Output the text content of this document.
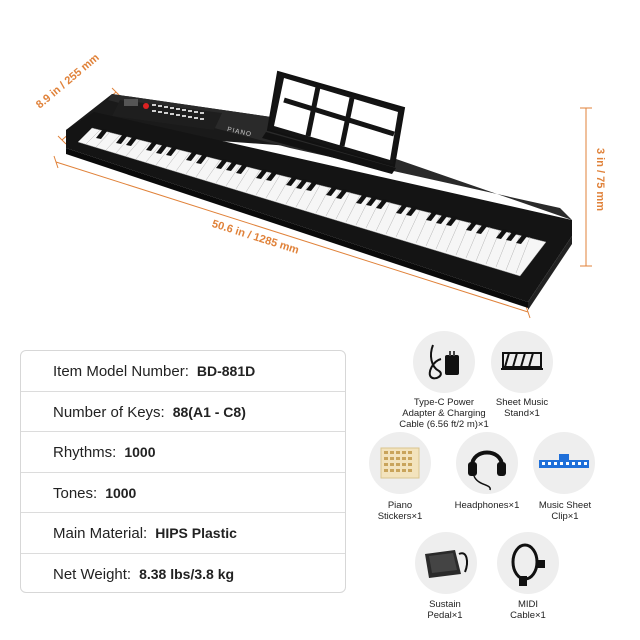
8.9 in / 255 mm
50.6 in / 1285 mm
3 in / 75 mm
PIANO
Item Model Number: BD-881D
Number of Keys: 88(A1 - C8)
Rhythms: 1000
Tones: 1000
Main Material: HIPS Plastic
Net Weight: 8.38 lbs/3.8 kg
Type-C Power
Adapter & Charging
Cable (6.56 ft/2 m)×1
Sheet Music
Stand×1
Piano
Stickers×1
Headphones×1	Music Sheet
Clip×1
Sustain
Pedal×1
MIDI
Cable×1
